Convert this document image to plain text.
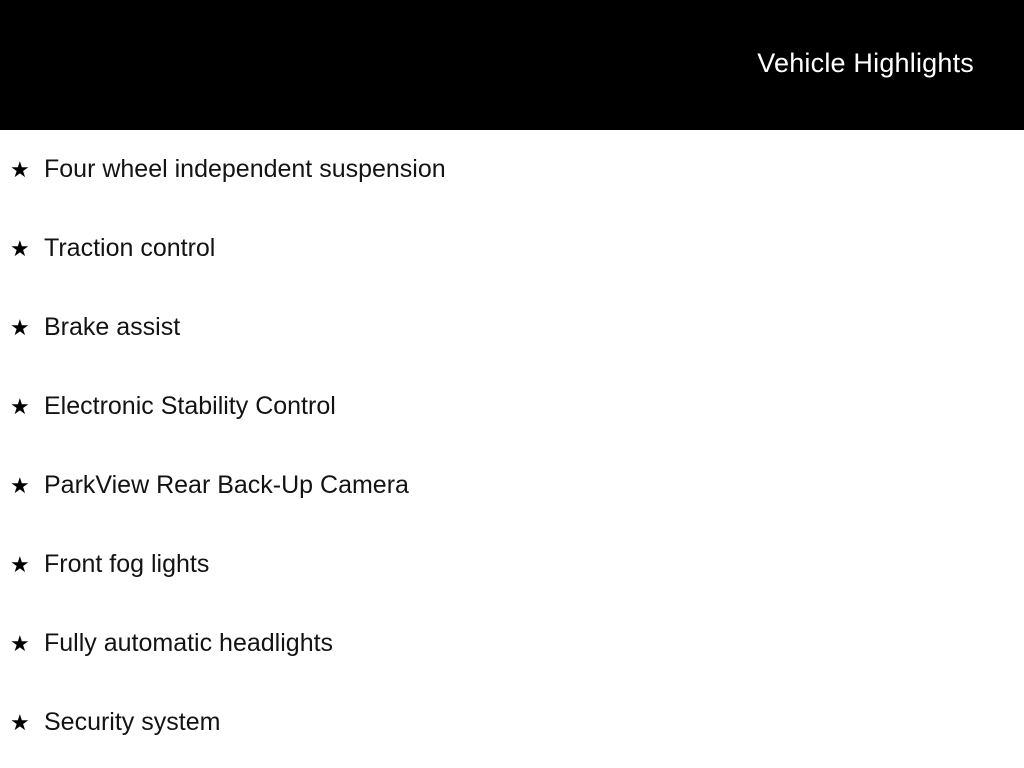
Vehicle Highlights
★ Four wheel independent suspension
★ Traction control
★ Brake assist
★ Electronic Stability Control
★ ParkView Rear Back-Up Camera
★ Front fog lights
★ Fully automatic headlights
★ Security system
